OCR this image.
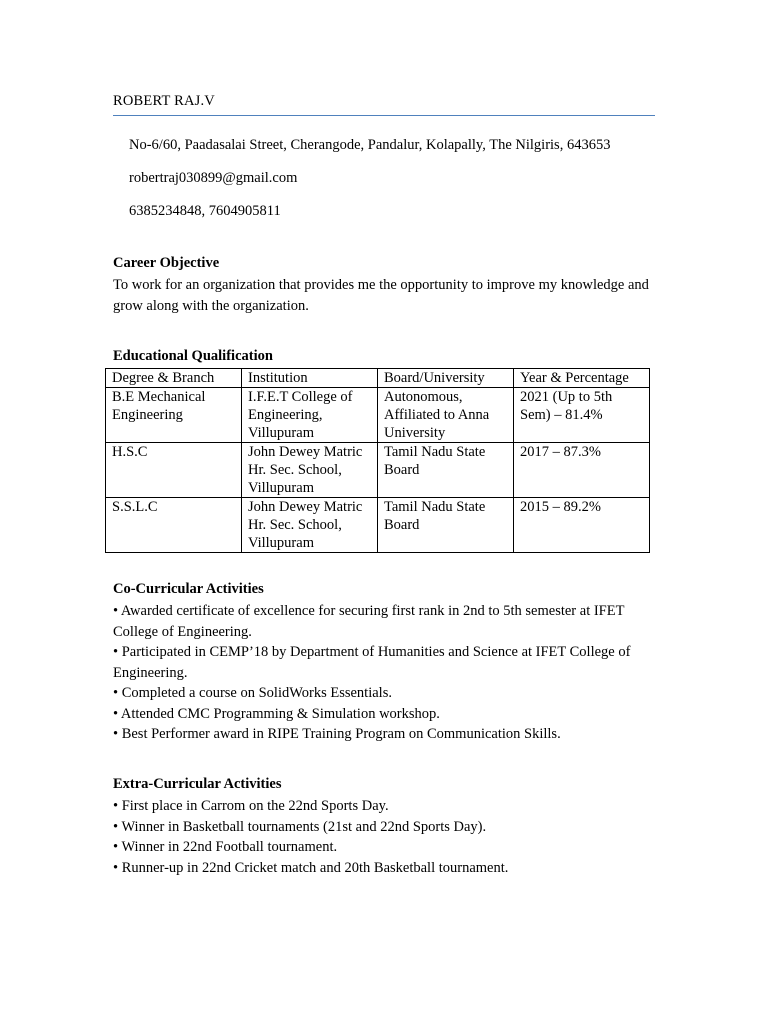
ROBERT RAJ.V
No-6/60, Paadasalai Street, Cherangode, Pandalur, Kolapally, The Nilgiris, 643653
robertraj030899@gmail.com
6385234848, 7604905811
Career Objective
To work for an organization that provides me the opportunity to improve my knowledge and grow along with the organization.
Educational Qualification
Degree & Branch	Institution	Board/University	Year & Percentage
B.E Mechanical Engineering	I.F.E.T College of Engineering, Villupuram	Autonomous, Affiliated to Anna University	2021 (Up to 5th Sem) – 81.4%
H.S.C	John Dewey Matric Hr. Sec. School, Villupuram	Tamil Nadu State Board	2017 – 87.3%
S.S.L.C	John Dewey Matric Hr. Sec. School, Villupuram	Tamil Nadu State Board	2015 – 89.2%
Co-Curricular Activities
• Awarded certificate of excellence for securing first rank in 2nd to 5th semester at IFET College of Engineering.
• Participated in CEMP’18 by Department of Humanities and Science at IFET College of Engineering.
• Completed a course on SolidWorks Essentials.
• Attended CMC Programming & Simulation workshop.
• Best Performer award in RIPE Training Program on Communication Skills.
Extra-Curricular Activities
• First place in Carrom on the 22nd Sports Day.
• Winner in Basketball tournaments (21st and 22nd Sports Day).
• Winner in 22nd Football tournament.
• Runner-up in 22nd Cricket match and 20th Basketball tournament.
